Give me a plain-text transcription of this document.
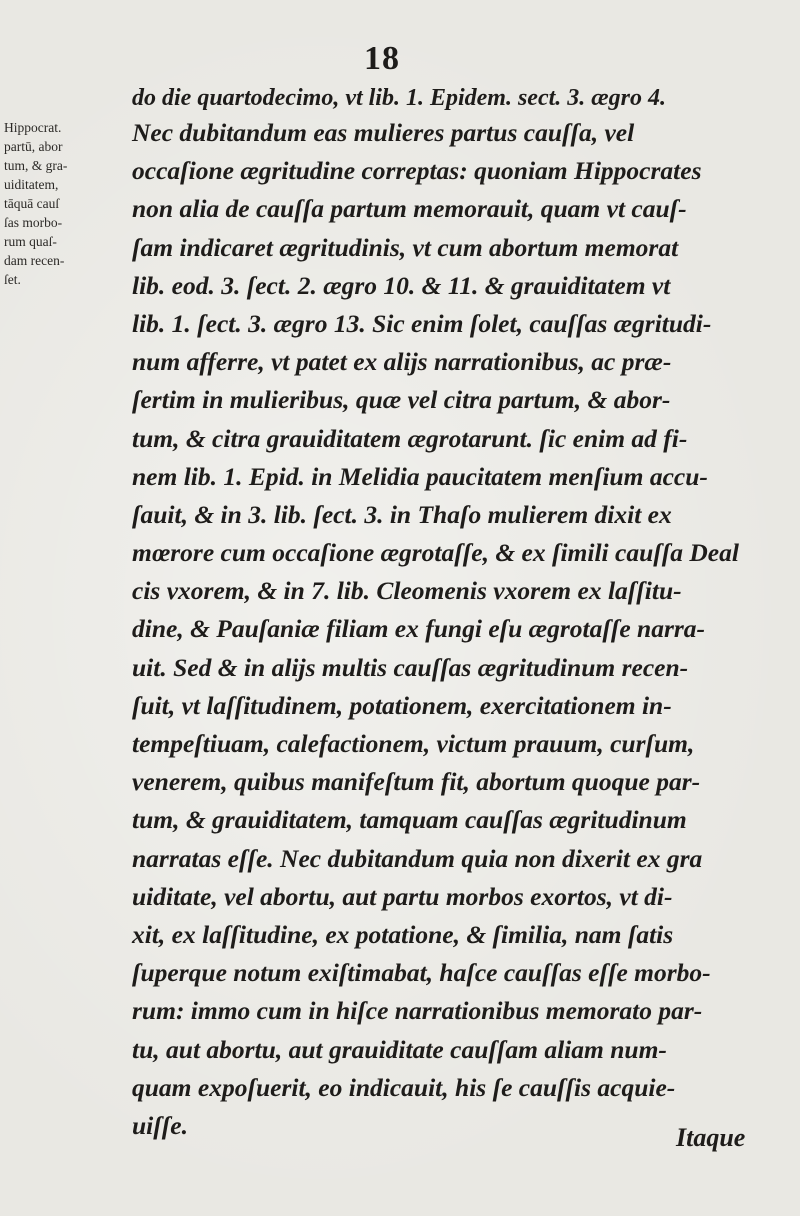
18
Hippocrat.
partū, abor
tum, & gra-
uiditatem,
tāquā cauſ
ſas morbo-
rum quaſ-
dam recen-
ſet.
do die quartodecimo, vt lib. 1. Epidem. sect. 3. ægro 4.
Nec dubitandum eas mulieres partus cauſſa, vel
occaſione ægritudine correptas: quoniam Hippocrates
non alia de cauſſa partum memorauit, quam vt cauſ-
ſam indicaret ægritudinis, vt cum abortum memorat
lib. eod. 3. ſect. 2. ægro 10. & 11. & grauiditatem vt
lib. 1. ſect. 3. ægro 13. Sic enim ſolet, cauſſas ægritudi-
num afferre, vt patet ex alijs narrationibus, ac præ-
ſertim in mulieribus, quæ vel citra partum, & abor-
tum, & citra grauiditatem ægrotarunt. ſic enim ad fi-
nem lib. 1. Epid. in Melidia paucitatem menſium accu-
ſauit, & in 3. lib. ſect. 3. in Thaſo mulierem dixit ex
mœrore cum occaſione ægrotaſſe, & ex ſimili cauſſa Deal
cis vxorem, & in 7. lib. Cleomenis vxorem ex laſſitu-
dine, & Pauſaniæ filiam ex fungi eſu ægrotaſſe narra-
uit. Sed & in alijs multis cauſſas ægritudinum recen-
ſuit, vt laſſitudinem, potationem, exercitationem in-
tempeſtiuam, calefactionem, victum prauum, curſum,
venerem, quibus manifeſtum fit, abortum quoque par-
tum, & grauiditatem, tamquam cauſſas ægritudinum
narratas eſſe. Nec dubitandum quia non dixerit ex gra
uiditate, vel abortu, aut partu morbos exortos, vt di-
xit, ex laſſitudine, ex potatione, & ſimilia, nam ſatis
ſuperque notum exiſtimabat, haſce cauſſas eſſe morbo-
rum: immo cum in hiſce narrationibus memorato par-
tu, aut abortu, aut grauiditate cauſſam aliam num-
quam expoſuerit, eo indicauit, his ſe cauſſis acquie-
uiſſe.	Itaque
